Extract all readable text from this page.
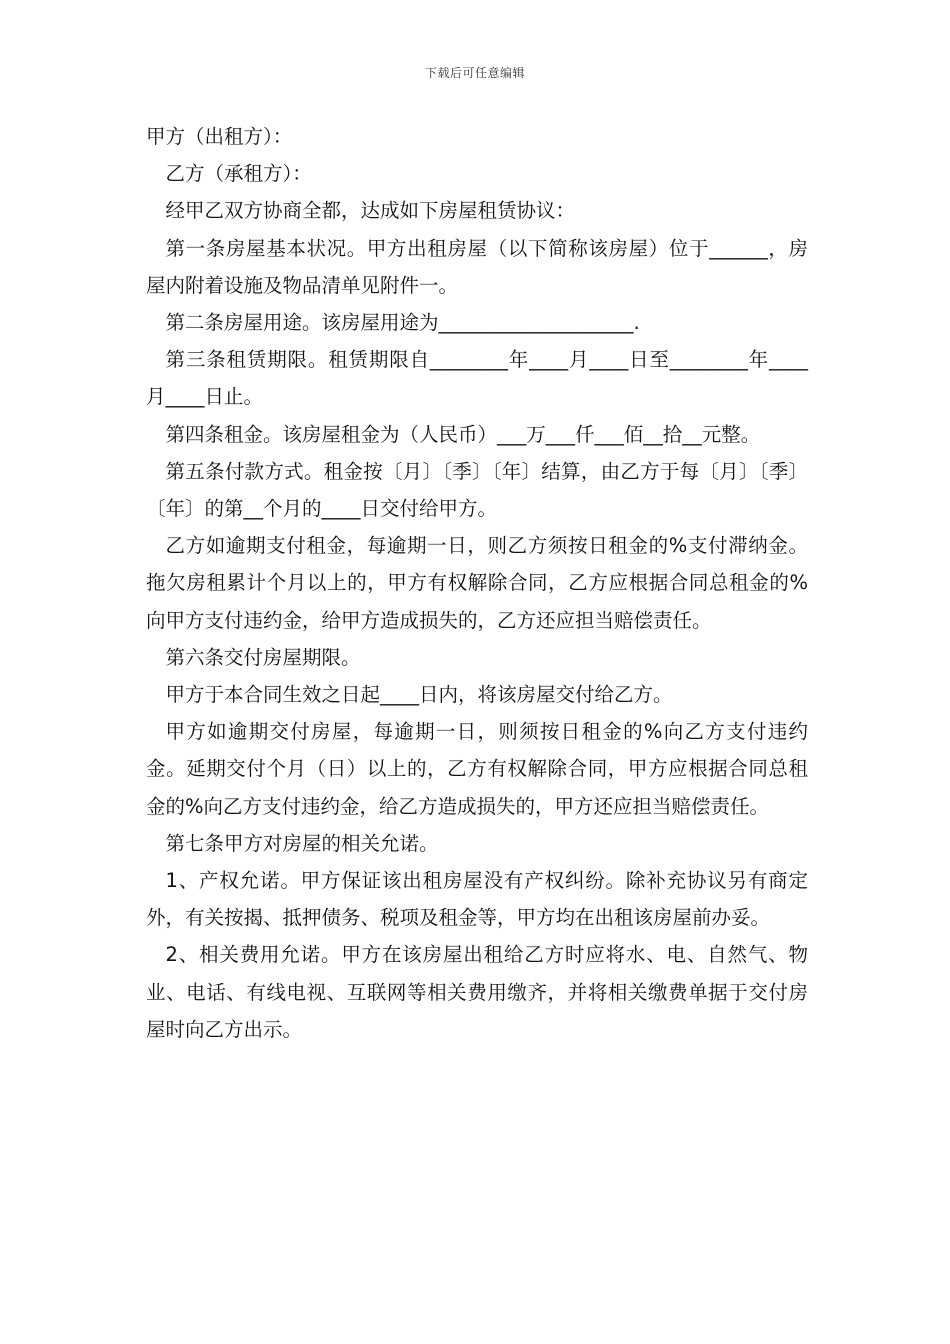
下载后可任意编辑

甲方（出租方）：

乙方（承租方）：

经甲乙双方协商全都，达成如下房屋租赁协议：

第一条房屋基本状况。甲方出租房屋（以下简称该房屋）位于______，房屋内附着设施及物品清单见附件一。

第二条房屋用途。该房屋用途为____________________.

第三条租赁期限。租赁期限自________年____月____日至________年____月____日止。

第四条租金。该房屋租金为（人民币）___万___仟___佰__拾__元整。

第五条付款方式。租金按〔月〕〔季〕〔年〕结算，由乙方于每〔月〕〔季〕〔年〕的第__个月的____日交付给甲方。

乙方如逾期支付租金，每逾期一日，则乙方须按日租金的%支付滞纳金。拖欠房租累计个月以上的，甲方有权解除合同，乙方应根据合同总租金的%向甲方支付违约金，给甲方造成损失的，乙方还应担当赔偿责任。

第六条交付房屋期限。

甲方于本合同生效之日起____日内，将该房屋交付给乙方。

甲方如逾期交付房屋，每逾期一日，则须按日租金的%向乙方支付违约金。延期交付个月（日）以上的，乙方有权解除合同，甲方应根据合同总租金的%向乙方支付违约金，给乙方造成损失的，甲方还应担当赔偿责任。

第七条甲方对房屋的相关允诺。

1、产权允诺。甲方保证该出租房屋没有产权纠纷。除补充协议另有商定外，有关按揭、抵押债务、税项及租金等，甲方均在出租该房屋前办妥。

2、相关费用允诺。甲方在该房屋出租给乙方时应将水、电、自然气、物业、电话、有线电视、互联网等相关费用缴齐，并将相关缴费单据于交付房屋时向乙方出示。
